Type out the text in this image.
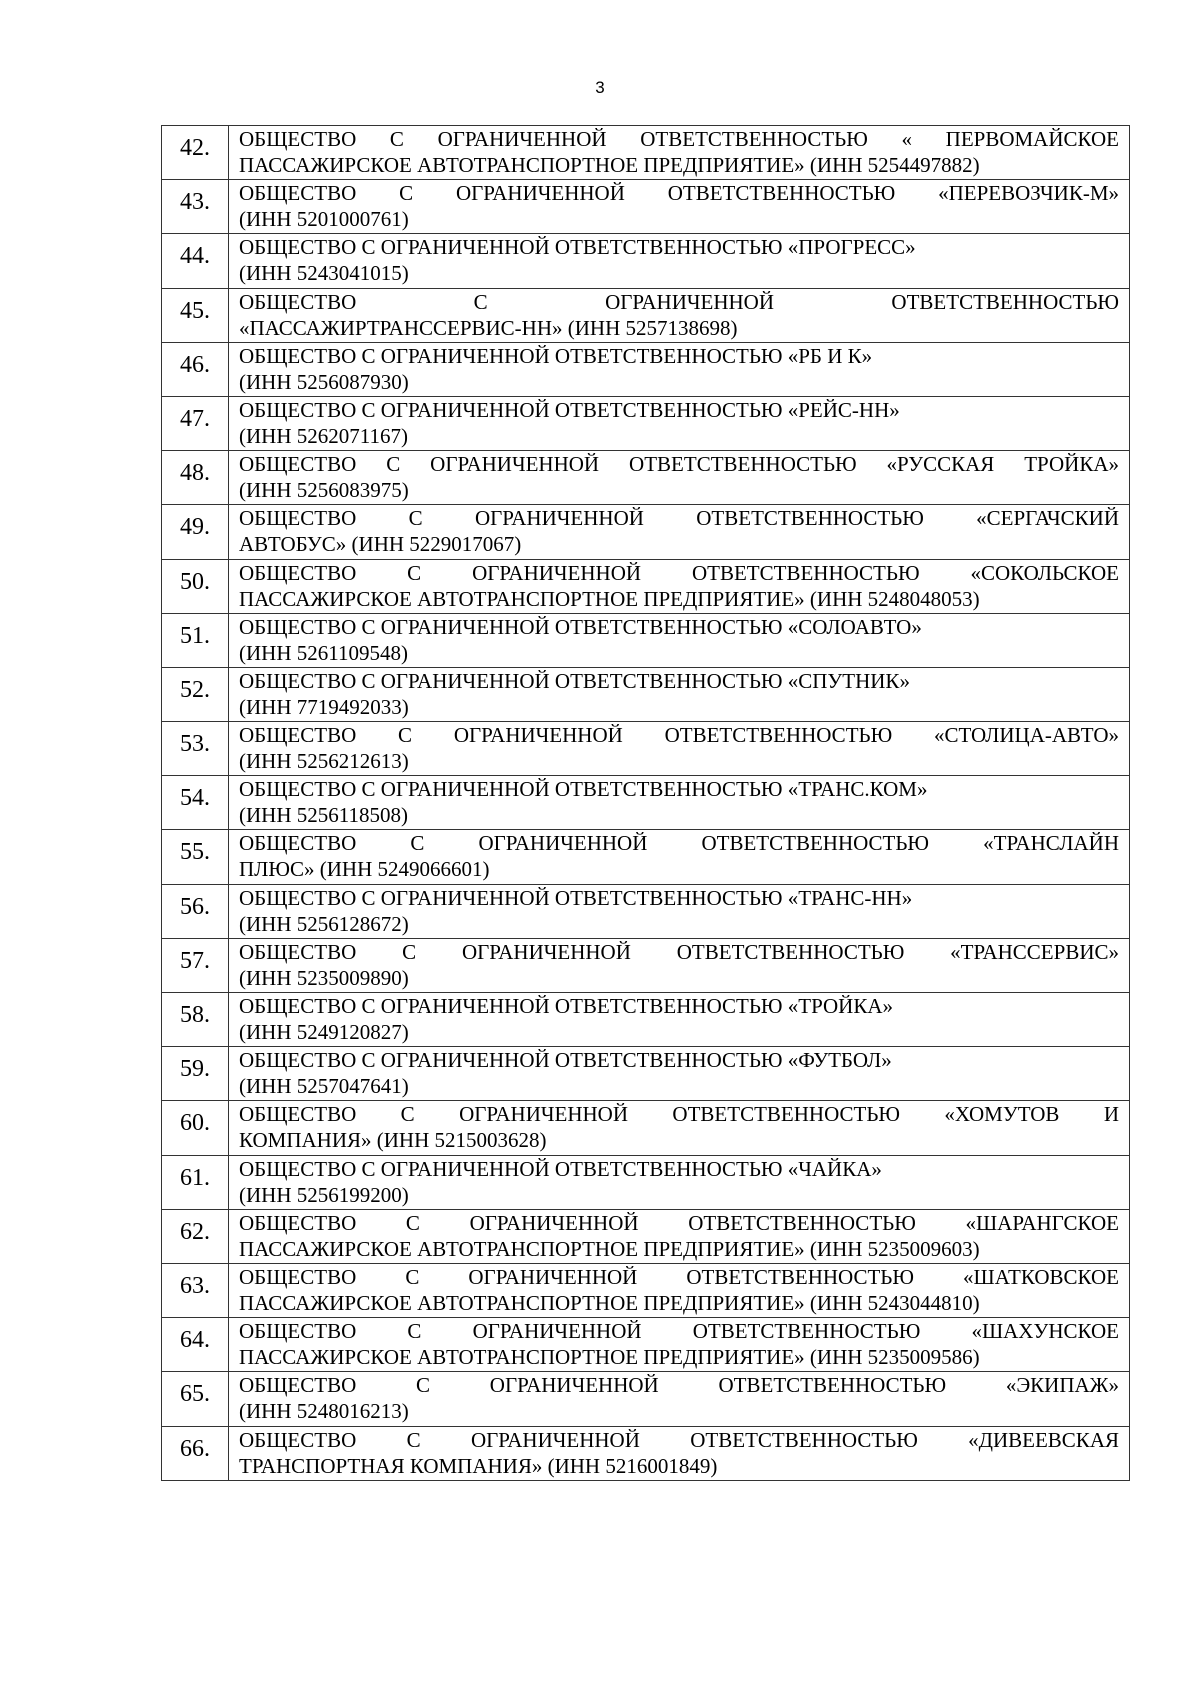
3
42.	ОБЩЕСТВО С ОГРАНИЧЕННОЙ ОТВЕТСТВЕННОСТЬЮ « ПЕРВОМАЙСКОЕ
ПАССАЖИРСКОЕ АВТОТРАНСПОРТНОЕ ПРЕДПРИЯТИЕ» (ИНН 5254497882)

43.	ОБЩЕСТВО С ОГРАНИЧЕННОЙ ОТВЕТСТВЕННОСТЬЮ «ПЕРЕВОЗЧИК-М»
(ИНН 5201000761)

44.	ОБЩЕСТВО С ОГРАНИЧЕННОЙ ОТВЕТСТВЕННОСТЬЮ «ПРОГРЕСС»
(ИНН 5243041015)

45.	ОБЩЕСТВО С ОГРАНИЧЕННОЙ ОТВЕТСТВЕННОСТЬЮ
«ПАССАЖИРТРАНССЕРВИС-НН» (ИНН 5257138698)

46.	ОБЩЕСТВО С ОГРАНИЧЕННОЙ ОТВЕТСТВЕННОСТЬЮ «РБ И К»
(ИНН 5256087930)

47.	ОБЩЕСТВО С ОГРАНИЧЕННОЙ ОТВЕТСТВЕННОСТЬЮ «РЕЙС-НН»
(ИНН 5262071167)

48.	ОБЩЕСТВО С ОГРАНИЧЕННОЙ ОТВЕТСТВЕННОСТЬЮ «РУССКАЯ ТРОЙКА»
(ИНН 5256083975)

49.	ОБЩЕСТВО С ОГРАНИЧЕННОЙ ОТВЕТСТВЕННОСТЬЮ «СЕРГАЧСКИЙ
АВТОБУС» (ИНН 5229017067)

50.	ОБЩЕСТВО С ОГРАНИЧЕННОЙ ОТВЕТСТВЕННОСТЬЮ «СОКОЛЬСКОЕ
ПАССАЖИРСКОЕ АВТОТРАНСПОРТНОЕ ПРЕДПРИЯТИЕ» (ИНН 5248048053)

51.	ОБЩЕСТВО С ОГРАНИЧЕННОЙ ОТВЕТСТВЕННОСТЬЮ «СОЛОАВТО»
(ИНН 5261109548)

52.	ОБЩЕСТВО С ОГРАНИЧЕННОЙ ОТВЕТСТВЕННОСТЬЮ «СПУТНИК»
(ИНН 7719492033)

53.	ОБЩЕСТВО С ОГРАНИЧЕННОЙ ОТВЕТСТВЕННОСТЬЮ «СТОЛИЦА-АВТО»
(ИНН 5256212613)

54.	ОБЩЕСТВО С ОГРАНИЧЕННОЙ ОТВЕТСТВЕННОСТЬЮ «ТРАНС.КОМ»
(ИНН 5256118508)

55.	ОБЩЕСТВО С ОГРАНИЧЕННОЙ ОТВЕТСТВЕННОСТЬЮ «ТРАНСЛАЙН
ПЛЮС» (ИНН 5249066601)

56.	ОБЩЕСТВО С ОГРАНИЧЕННОЙ ОТВЕТСТВЕННОСТЬЮ «ТРАНС-НН»
(ИНН 5256128672)

57.	ОБЩЕСТВО С ОГРАНИЧЕННОЙ ОТВЕТСТВЕННОСТЬЮ «ТРАНССЕРВИС»
(ИНН 5235009890)

58.	ОБЩЕСТВО С ОГРАНИЧЕННОЙ ОТВЕТСТВЕННОСТЬЮ «ТРОЙКА»
(ИНН 5249120827)

59.	ОБЩЕСТВО С ОГРАНИЧЕННОЙ ОТВЕТСТВЕННОСТЬЮ «ФУТБОЛ»
(ИНН 5257047641)

60.	ОБЩЕСТВО С ОГРАНИЧЕННОЙ ОТВЕТСТВЕННОСТЬЮ «ХОМУТОВ И
КОМПАНИЯ» (ИНН 5215003628)

61.	ОБЩЕСТВО С ОГРАНИЧЕННОЙ ОТВЕТСТВЕННОСТЬЮ «ЧАЙКА»
(ИНН 5256199200)

62.	ОБЩЕСТВО С ОГРАНИЧЕННОЙ ОТВЕТСТВЕННОСТЬЮ «ШАРАНГСКОЕ
ПАССАЖИРСКОЕ АВТОТРАНСПОРТНОЕ ПРЕДПРИЯТИЕ» (ИНН 5235009603)

63.	ОБЩЕСТВО С ОГРАНИЧЕННОЙ ОТВЕТСТВЕННОСТЬЮ «ШАТКОВСКОЕ
ПАССАЖИРСКОЕ АВТОТРАНСПОРТНОЕ ПРЕДПРИЯТИЕ» (ИНН 5243044810)

64.	ОБЩЕСТВО С ОГРАНИЧЕННОЙ ОТВЕТСТВЕННОСТЬЮ «ШАХУНСКОЕ
ПАССАЖИРСКОЕ АВТОТРАНСПОРТНОЕ ПРЕДПРИЯТИЕ» (ИНН 5235009586)

65.	ОБЩЕСТВО С ОГРАНИЧЕННОЙ ОТВЕТСТВЕННОСТЬЮ «ЭКИПАЖ»
(ИНН 5248016213)

66.	ОБЩЕСТВО С ОГРАНИЧЕННОЙ ОТВЕТСТВЕННОСТЬЮ «ДИВЕЕВСКАЯ
ТРАНСПОРТНАЯ КОМПАНИЯ» (ИНН 5216001849)
